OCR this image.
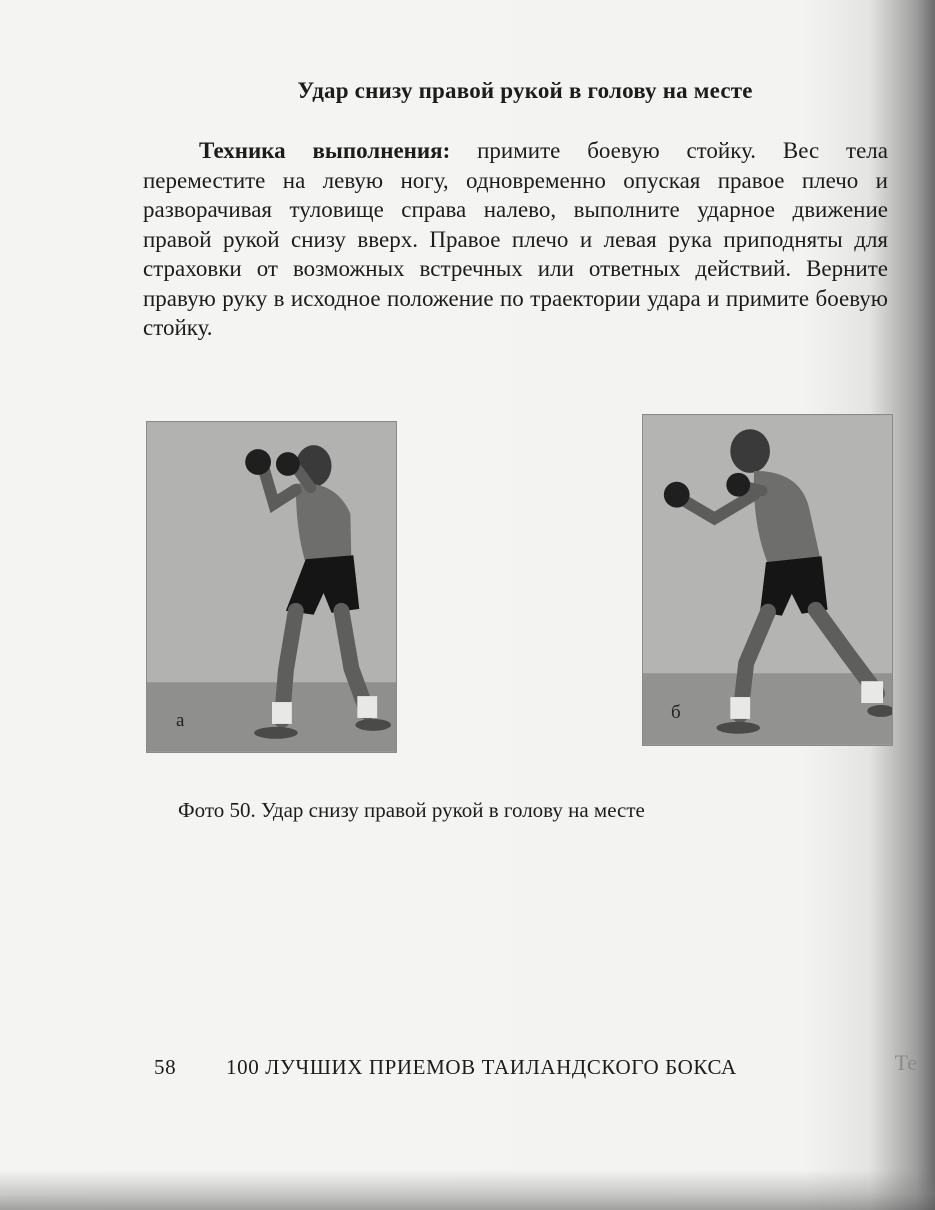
Удар снизу правой рукой в голову на месте

Техника выполнения: примите боевую стойку. Вес тела переместите на левую ногу, одновременно опуская правое плечо и разворачивая туловище справа налево, выполните ударное движение правой рукой снизу вверх. Правое плечо и левая рука приподняты для страховки от возможных встречных или ответных действий. Верните правую руку в исходное положение по траектории удара и примите боевую стойку.

а	б

Фото 50. Удар снизу правой рукой в голову на месте

58 100 ЛУЧШИХ ПРИЕМОВ ТАИЛАНДСКОГО БОКСА	Те
